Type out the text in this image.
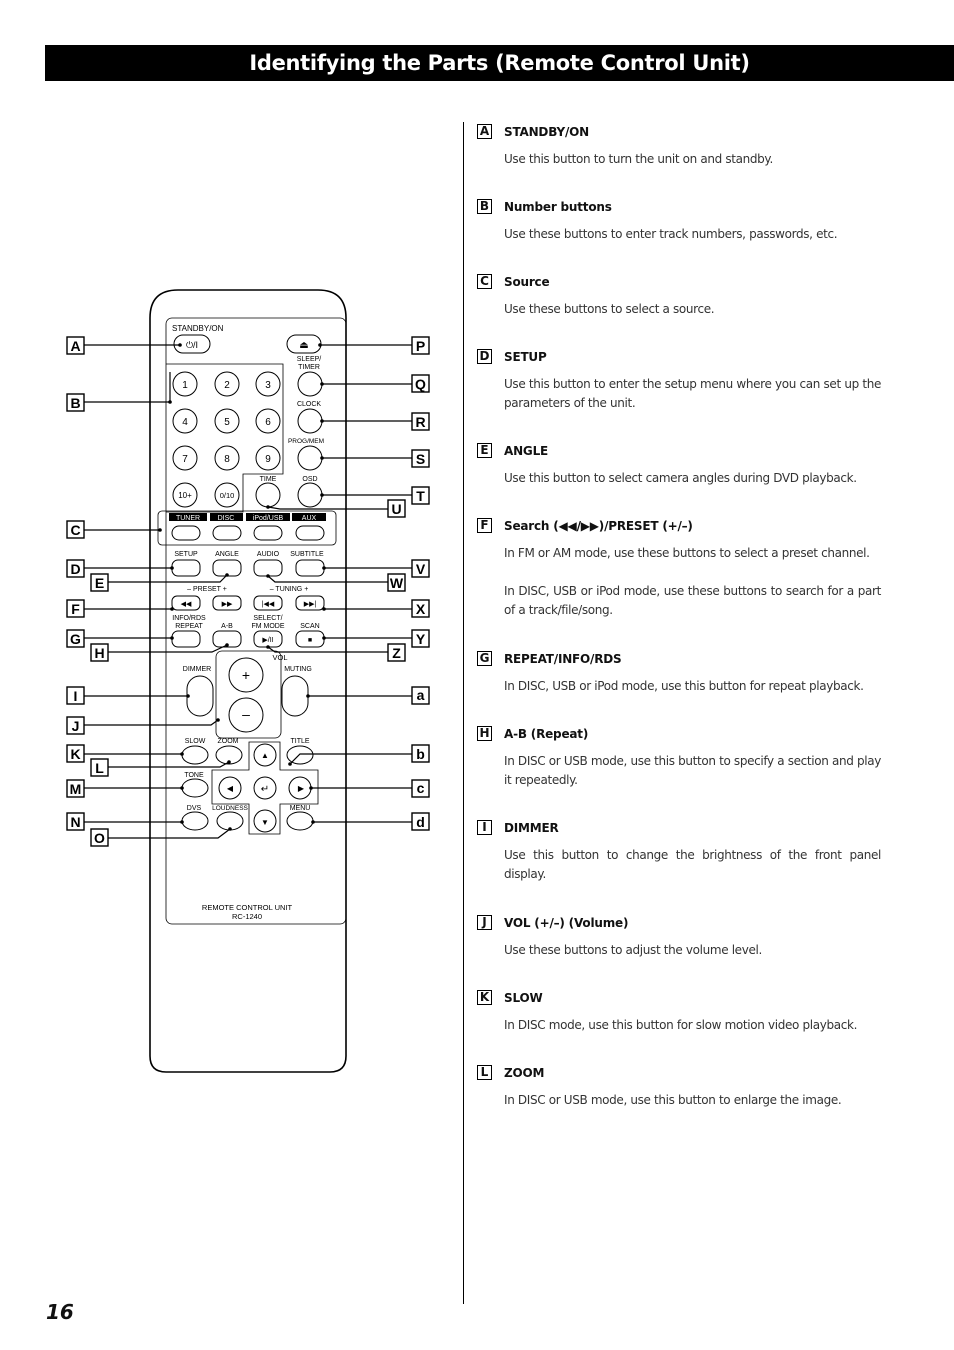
Identifying the Parts (Remote Control Unit)
STANDBY/ON
⏻/I	⏏
1	2	3
4	5	6
7	8	9
10+	0/10
SLEEP/
TIMER
CLOCK
PROG/MEM
TIME	OSD
TUNER	DISC	iPod/USB	AUX
SETUP ANGLE	AUDIO SUBTITLE
– PRESET +	– TUNING +
◀◀	▶▶	|◀◀	▶▶|
INFO/RDS
REPEAT	A-B
SELECT/
FM MODE SCAN
▶/II	■
VOL
DIMMER	MUTING
+
–
SLOW ZOOM	TITLE
TONE
DVS LOUDNESS	MENU
▲
◀	↵	▶
▼
REMOTE CONTROL UNIT
RC-1240
A
B
C
D
E
F
G
H
I
J
K
L
M
N
O
P
Q
R
S
T
U
V
W
X
Y
Z
a
b
c
d
A STANDBY/ON

Use this button to turn the unit on and standby.

B Number buttons

Use these buttons to enter track numbers, passwords, etc.

C Source

Use these buttons to select a source.

D SETUP

Use this button to enter the setup menu where you can set up the parameters of the unit.

E ANGLE

Use this button to select camera angles during DVD playback.

F Search (◀◀/▶▶)/PRESET (+/–)

In FM or AM mode, use these buttons to select a preset channel.

In DISC, USB or iPod mode, use these buttons to search for a part of a track/file/song.

G REPEAT/INFO/RDS

In DISC, USB or iPod mode, use this button for repeat playback.

H A-B (Repeat)

In DISC or USB mode, use this button to specify a section and play it repeatedly.

I	DIMMER

Use this button to change the brightness of the front panel display.

J	VOL (+/–) (Volume)

Use these buttons to adjust the volume level.

K SLOW

In DISC mode, use this button for slow motion video playback.

L	ZOOM

In DISC or USB mode, use this button to enlarge the image.

16
